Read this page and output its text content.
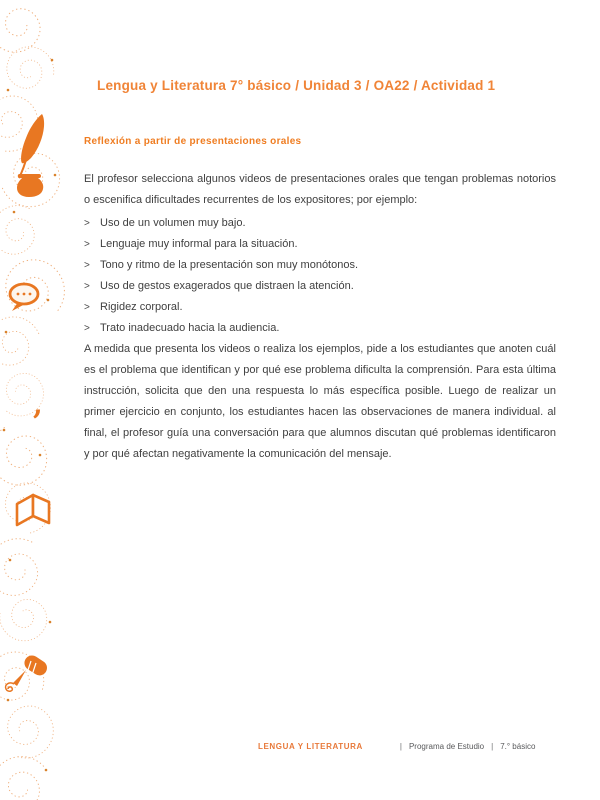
,
Lengua y Literatura 7° básico / Unidad 3 / OA22 / Actividad 1
Reflexión a partir de presentaciones orales

El profesor selecciona algunos videos de presentaciones orales que tengan problemas notorios o escenifica dificultades recurrentes de los expositores; por ejemplo:

> Uso de un volumen muy bajo.
> Lenguaje muy informal para la situación.
> Tono y ritmo de la presentación son muy monótonos.
> Uso de gestos exagerados que distraen la atención.
> Rigidez corporal.
> Trato inadecuado hacia la audiencia.

A medida que presenta los videos o realiza los ejemplos, pide a los estudiantes que anoten cuál es el problema que identifican y por qué ese problema dificulta la comprensión. Para esta última instrucción, solicita que den una respuesta lo más específica posible. Luego de realizar un primer ejercicio en conjunto, los estudiantes hacen las observaciones de manera individual. al final, el profesor guía una conversación para que alumnos discutan qué problemas identificaron y por qué afectan negativamente la comunicación del mensaje.

LENGUA Y LITERATURA	| Programa de Estudio | 7.° básico
